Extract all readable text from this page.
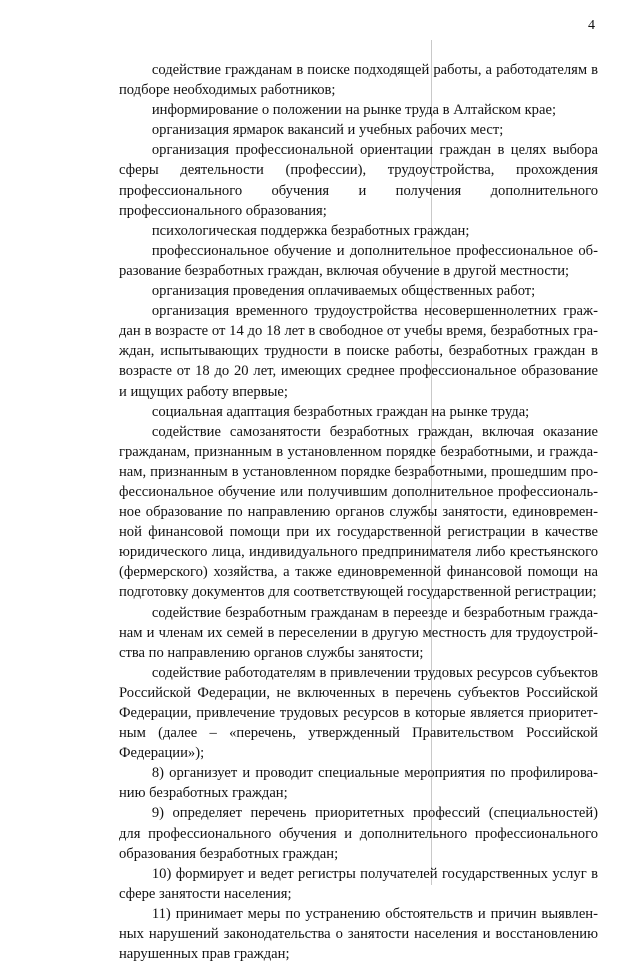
4

содействие гражданам в поиске подходящей работы, а работодателям в подборе необходимых работников;

информирование о положении на рынке труда в Алтайском крае;

организация ярмарок вакансий и учебных рабочих мест;

организация профессиональной ориентации граждан в целях выбора сферы деятельности (профессии), трудоустройства, прохождения профессионального обучения и получения дополнительного профессионального образования;

психологическая поддержка безработных граждан;

профессиональное обучение и дополнительное профессиональное образование безработных граждан, включая обучение в другой местности;

организация проведения оплачиваемых общественных работ;

организация временного трудоустройства несовершеннолетних граждан в возрасте от 14 до 18 лет в свободное от учебы время, безработных граждан, испытывающих трудности в поиске работы, безработных граждан в возрасте от 18 до 20 лет, имеющих среднее профессиональное образование и ищущих работу впервые;

социальная адаптация безработных граждан на рынке труда;

содействие самозанятости безработных граждан, включая оказание гражданам, признанным в установленном порядке безработными, и гражданам, признанным в установленном порядке безработными, прошедшим профессиональное обучение или получившим дополнительное профессиональное образование по направлению органов службы занятости, единовременной финансовой помощи при их государственной регистрации в качестве юридического лица, индивидуального предпринимателя либо крестьянского (фермерского) хозяйства, а также единовременной финансовой помощи на подготовку документов для соответствующей государственной регистрации;

содействие безработным гражданам в переезде и безработным гражданам и членам их семей в переселении в другую местность для трудоустройства по направлению органов службы занятости;

содействие работодателям в привлечении трудовых ресурсов субъектов Российской Федерации, не включенных в перечень субъектов Российской Федерации, привлечение трудовых ресурсов в которые является приоритетным (далее – «перечень, утвержденный Правительством Российской Федерации»);

8) организует и проводит специальные мероприятия по профилированию безработных граждан;

9) определяет перечень приоритетных профессий (специальностей) для профессионального обучения и дополнительного профессионального образования безработных граждан;

10) формирует и ведет регистры получателей государственных услуг в сфере занятости населения;

11) принимает меры по устранению обстоятельств и причин выявленных нарушений законодательства о занятости населения и восстановлению нарушенных прав граждан;
